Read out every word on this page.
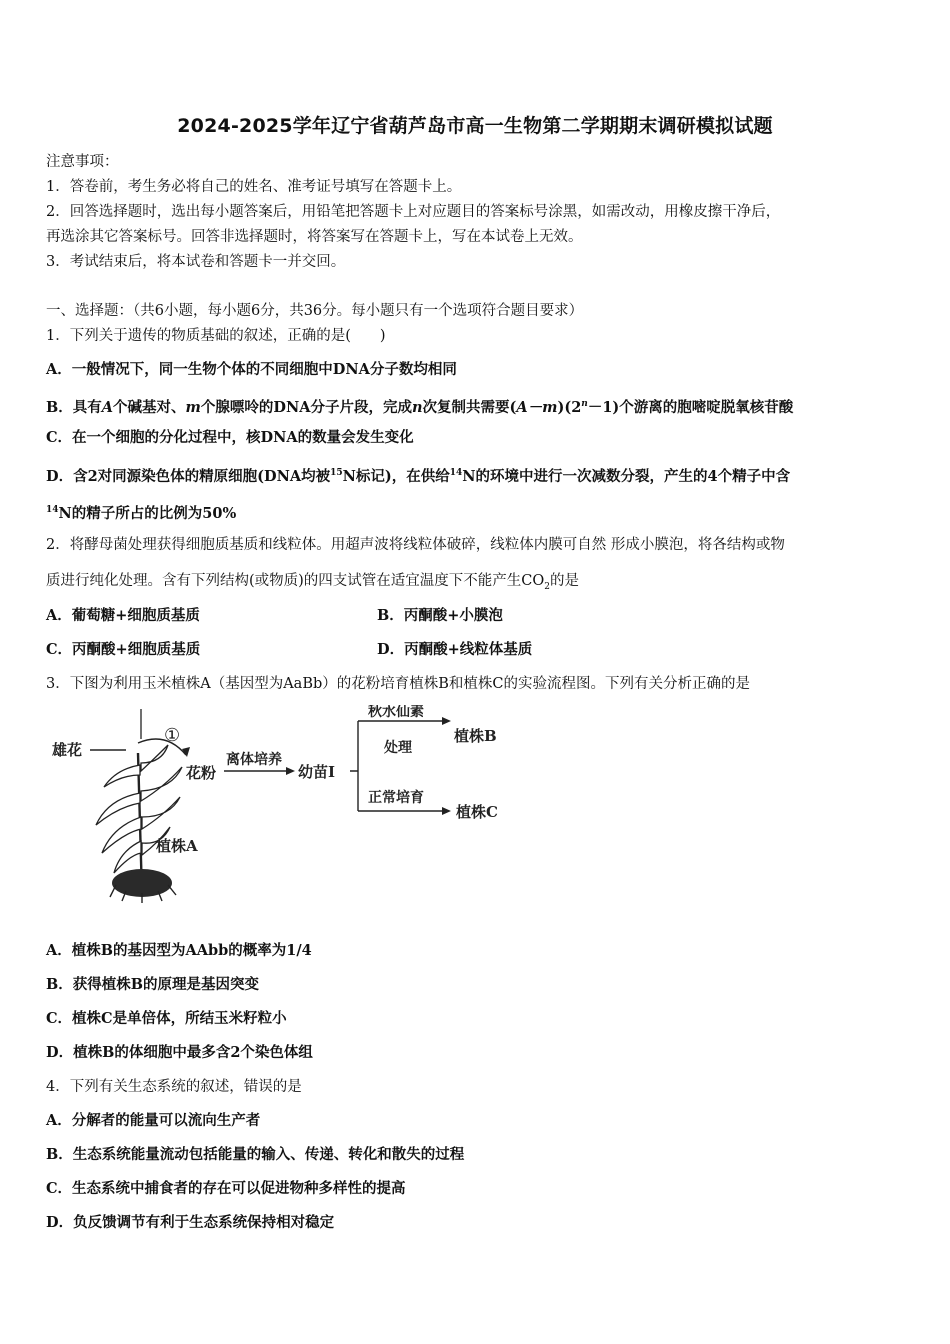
2024-2025学年辽宁省葫芦岛市高一生物第二学期期末调研模拟试题
注意事项：
1．答卷前，考生务必将自己的姓名、准考证号填写在答题卡上。
2．回答选择题时，选出每小题答案后，用铅笔把答题卡上对应题目的答案标号涂黑，如需改动，用橡皮擦干净后，
再选涂其它答案标号。回答非选择题时，将答案写在答题卡上，写在本试卷上无效。
3．考试结束后，将本试卷和答题卡一并交回。
一、选择题：（共6小题，每小题6分，共36分。每小题只有一个选项符合题目要求）
1．下列关于遗传的物质基础的叙述，正确的是(　　)
A．一般情况下，同一生物个体的不同细胞中DNA分子数均相同
B．具有A个碱基对、m个腺嘌呤的DNA分子片段，完成n次复制共需要$(A-m)(2^n-1)$个游离的胞嘧啶脱氧核苷酸
C．在一个细胞的分化过程中，核DNA的数量会发生变化
D．含2对同源染色体的精原细胞(DNA均被$^{15}$N标记)，在供给$^{14}$N的环境中进行一次减数分裂，产生的4个精子中含
$^{14}$N的精子所占的比例为50%
2．将酵母菌处理获得细胞质基质和线粒体。用超声波将线粒体破碎，线粒体内膜可自然 形成小膜泡，将各结构或物
质进行纯化处理。含有下列结构(或物质)的四支试管在适宜温度下不能产生$CO_2$的是
A．葡萄糖+细胞质基质	B．丙酮酸+小膜泡
C．丙酮酸+细胞质基质	D．丙酮酸+线粒体基质
3．下图为利用玉米植株A（基因型为AaBb）的花粉培育植株B和植株C的实验流程图。下列有关分析正确的是
雄花
①
花粉
离体培养
幼苗Ⅰ
秋水仙素
处理
植株B
正常培育
植株C
植株A
A．植株B的基因型为AAbb的概率为1/4
B．获得植株B的原理是基因突变
C．植株C是单倍体，所结玉米籽粒小
D．植株B的体细胞中最多含2个染色体组
4．下列有关生态系统的叙述，错误的是
A．分解者的能量可以流向生产者
B．生态系统能量流动包括能量的输入、传递、转化和散失的过程
C．生态系统中捕食者的存在可以促进物种多样性的提高
D．负反馈调节有利于生态系统保持相对稳定
